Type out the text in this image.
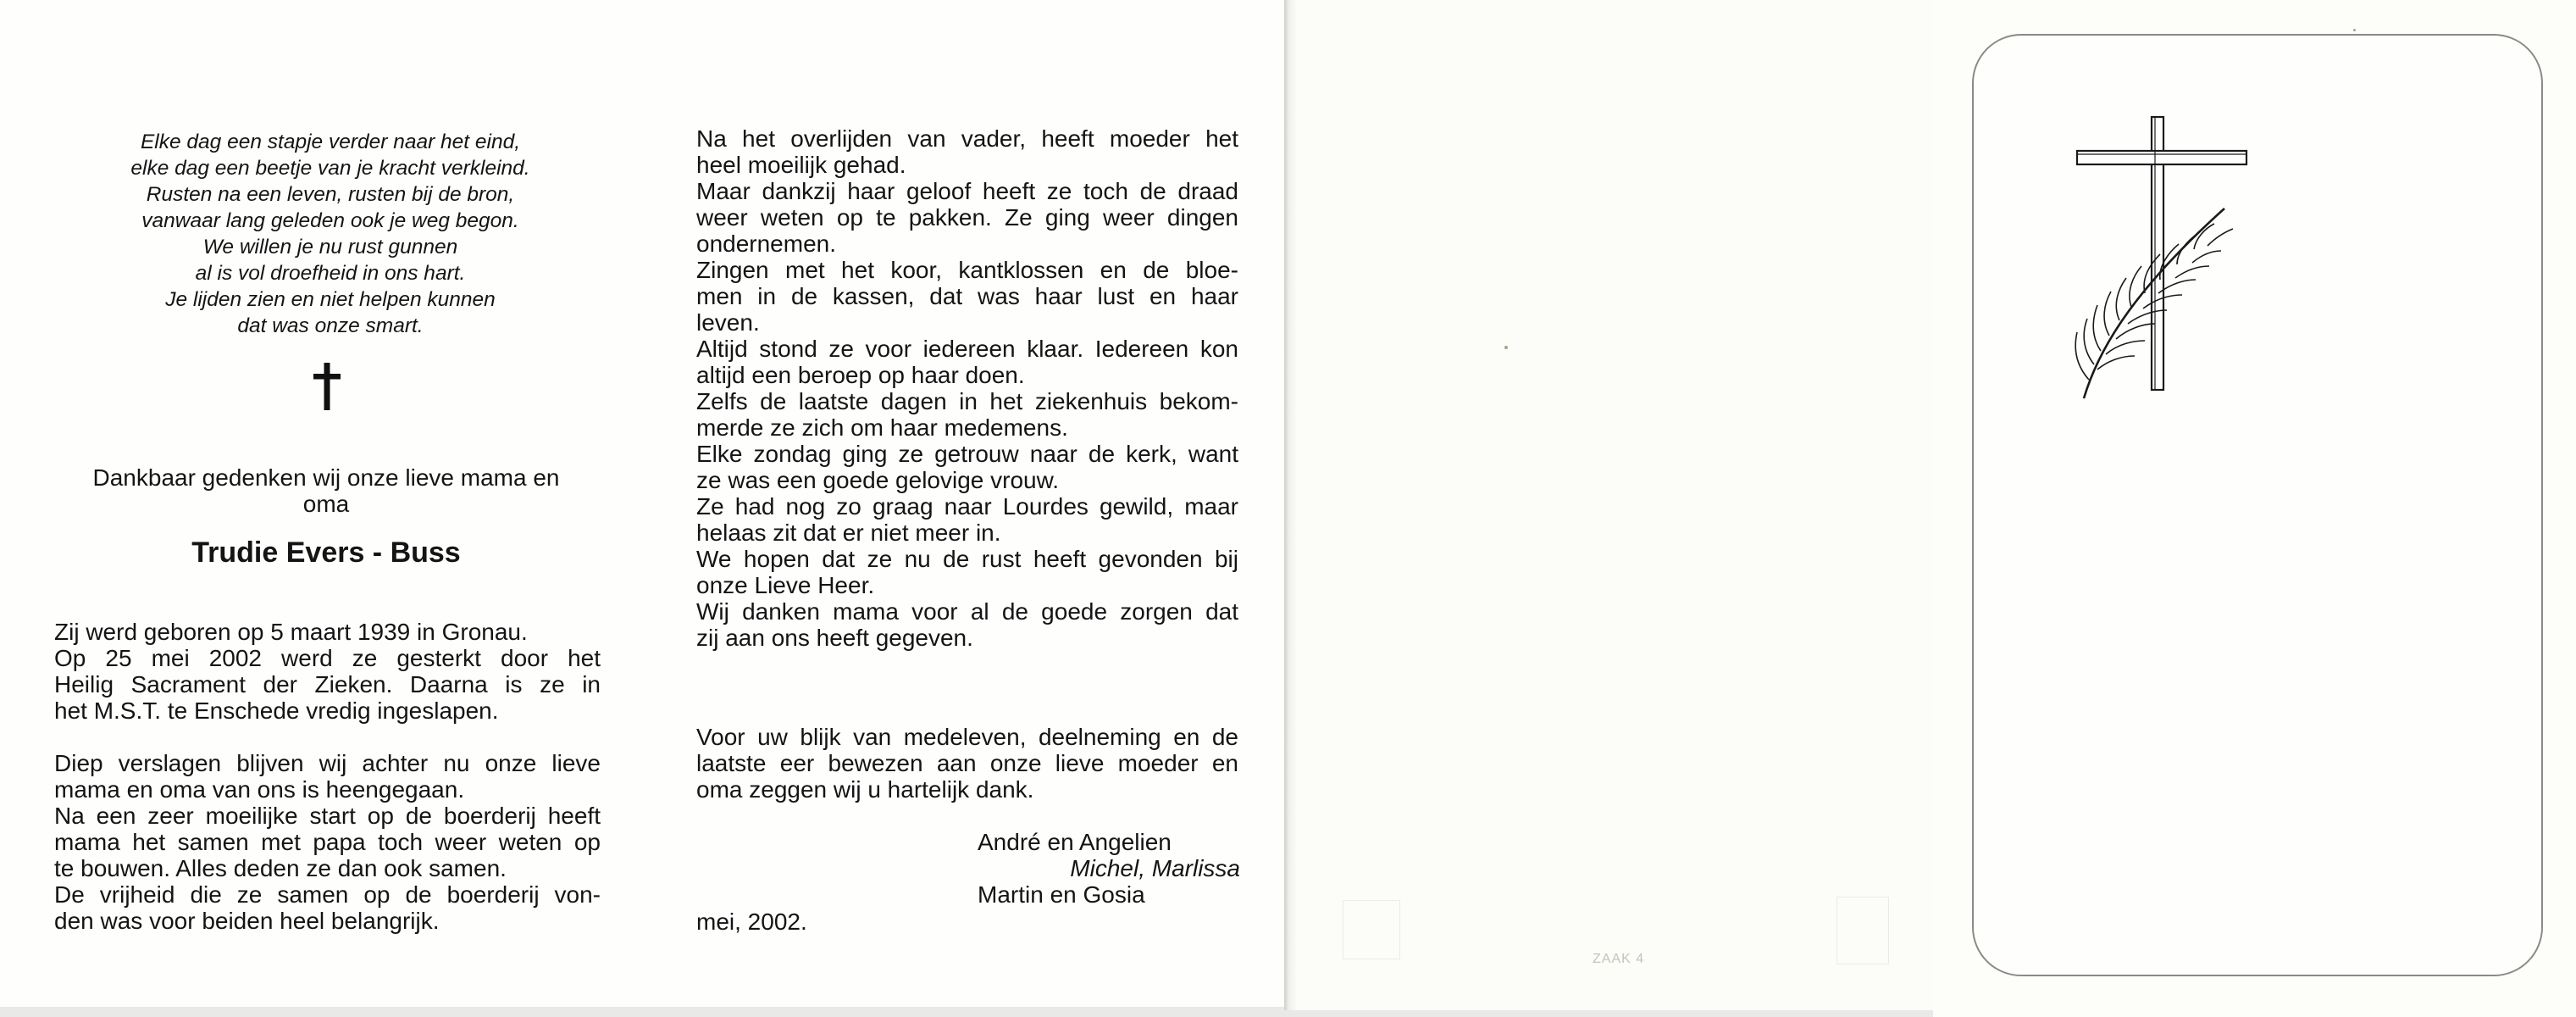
Elke dag een stapje verder naar het eind,
elke dag een beetje van je kracht verkleind.
Rusten na een leven, rusten bij de bron,
vanwaar lang geleden ook je weg begon.
We willen je nu rust gunnen
al is vol droefheid in ons hart.
Je lijden zien en niet helpen kunnen
dat was onze smart.
Dankbaar gedenken wij onze lieve mama en
oma
Trudie Evers - Buss
Zij werd geboren op 5 maart 1939 in Gronau.
Op 25 mei 2002 werd ze gesterkt door het
Heilig Sacrament der Zieken. Daarna is ze in
het M.S.T. te Enschede vredig ingeslapen.
Diep verslagen blijven wij achter nu onze lieve
mama en oma van ons is heengegaan.
Na een zeer moeilijke start op de boerderij heeft
mama het samen met papa toch weer weten op
te bouwen. Alles deden ze dan ook samen.
De vrijheid die ze samen op de boerderij von-
den was voor beiden heel belangrijk.
Na het overlijden van vader, heeft moeder het
heel moeilijk gehad.
Maar dankzij haar geloof heeft ze toch de draad
weer weten op te pakken. Ze ging weer dingen
ondernemen.
Zingen met het koor, kantklossen en de bloe-
men in de kassen, dat was haar lust en haar
leven.
Altijd stond ze voor iedereen klaar. Iedereen kon
altijd een beroep op haar doen.
Zelfs de laatste dagen in het ziekenhuis bekom-
merde ze zich om haar medemens.
Elke zondag ging ze getrouw naar de kerk, want
ze was een goede gelovige vrouw.
Ze had nog zo graag naar Lourdes gewild, maar
helaas zit dat er niet meer in.
We hopen dat ze nu de rust heeft gevonden bij
onze Lieve Heer.
Wij danken mama voor al de goede zorgen dat
zij aan ons heeft gegeven.
Voor uw blijk van medeleven, deelneming en de
laatste eer bewezen aan onze lieve moeder en
oma zeggen wij u hartelijk dank.
André en Angelien
Michel, Marlissa
Martin en Gosia
mei, 2002.
ZAAK 4
